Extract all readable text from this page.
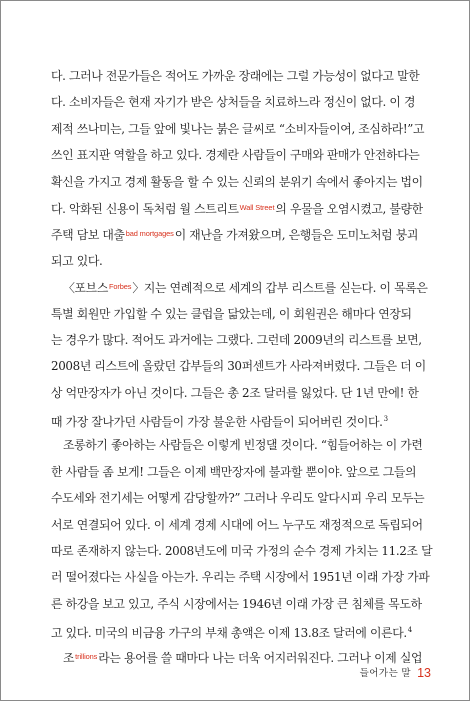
다. 그러나 전문가들은 적어도 가까운 장래에는 그럴 가능성이 없다고 말한
다. 소비자들은 현재 자기가 받은 상처들을 치료하느라 정신이 없다. 이 경
제적 쓰나미는, 그들 앞에 빛나는 붉은 글씨로 “소비자들이여, 조심하라!”고
쓰인 표지판 역할을 하고 있다. 경제란 사람들이 구매와 판매가 안전하다는
확신을 가지고 경제 활동을 할 수 있는 신뢰의 분위기 속에서 좋아지는 법이
다. 악화된 신용이 독처럼 월 스트리트$^{Wall Street}$의 우물을 오염시켰고, 불량한
주택 담보 대출$^{bad mortgages}$이 재난을 가져왔으며, 은행들은 도미노처럼 붕괴
되고 있다.
〈포브스$^{Forbes}$〉지는 연례적으로 세계의 갑부 리스트를 싣는다. 이 목록은
특별 회원만 가입할 수 있는 클럽을 닮았는데, 이 회원권은 해마다 연장되
는 경우가 많다. 적어도 과거에는 그랬다. 그런데 2009년의 리스트를 보면,
2008년 리스트에 올랐던 갑부들의 30퍼센트가 사라져버렸다. 그들은 더 이
상 억만장자가 아닌 것이다. 그들은 총 2조 달러를 잃었다. 단 1년 만에! 한
때 가장 잘나가던 사람들이 가장 불운한 사람들이 되어버린 것이다.$^3$
조롱하기 좋아하는 사람들은 이렇게 빈정댈 것이다. “힘들어하는 이 가련
한 사람들 좀 보게! 그들은 이제 백만장자에 불과할 뿐이야. 앞으로 그들의
수도세와 전기세는 어떻게 감당할까?” 그러나 우리도 알다시피 우리 모두는
서로 연결되어 있다. 이 세계 경제 시대에 어느 누구도 재정적으로 독립되어
따로 존재하지 않는다. 2008년도에 미국 가정의 순수 경제 가치는 11.2조 달
러 떨어졌다는 사실을 아는가. 우리는 주택 시장에서 1951년 이래 가장 가파
른 하강을 보고 있고, 주식 시장에서는 1946년 이래 가장 큰 침체를 목도하
고 있다. 미국의 비금융 가구의 부채 총액은 이제 13.8조 달러에 이른다.$^4$
조$^{trillions}$라는 용어를 쓸 때마다 나는 더욱 어지러워진다. 그러나 이제 실업
들어가는 말 13
